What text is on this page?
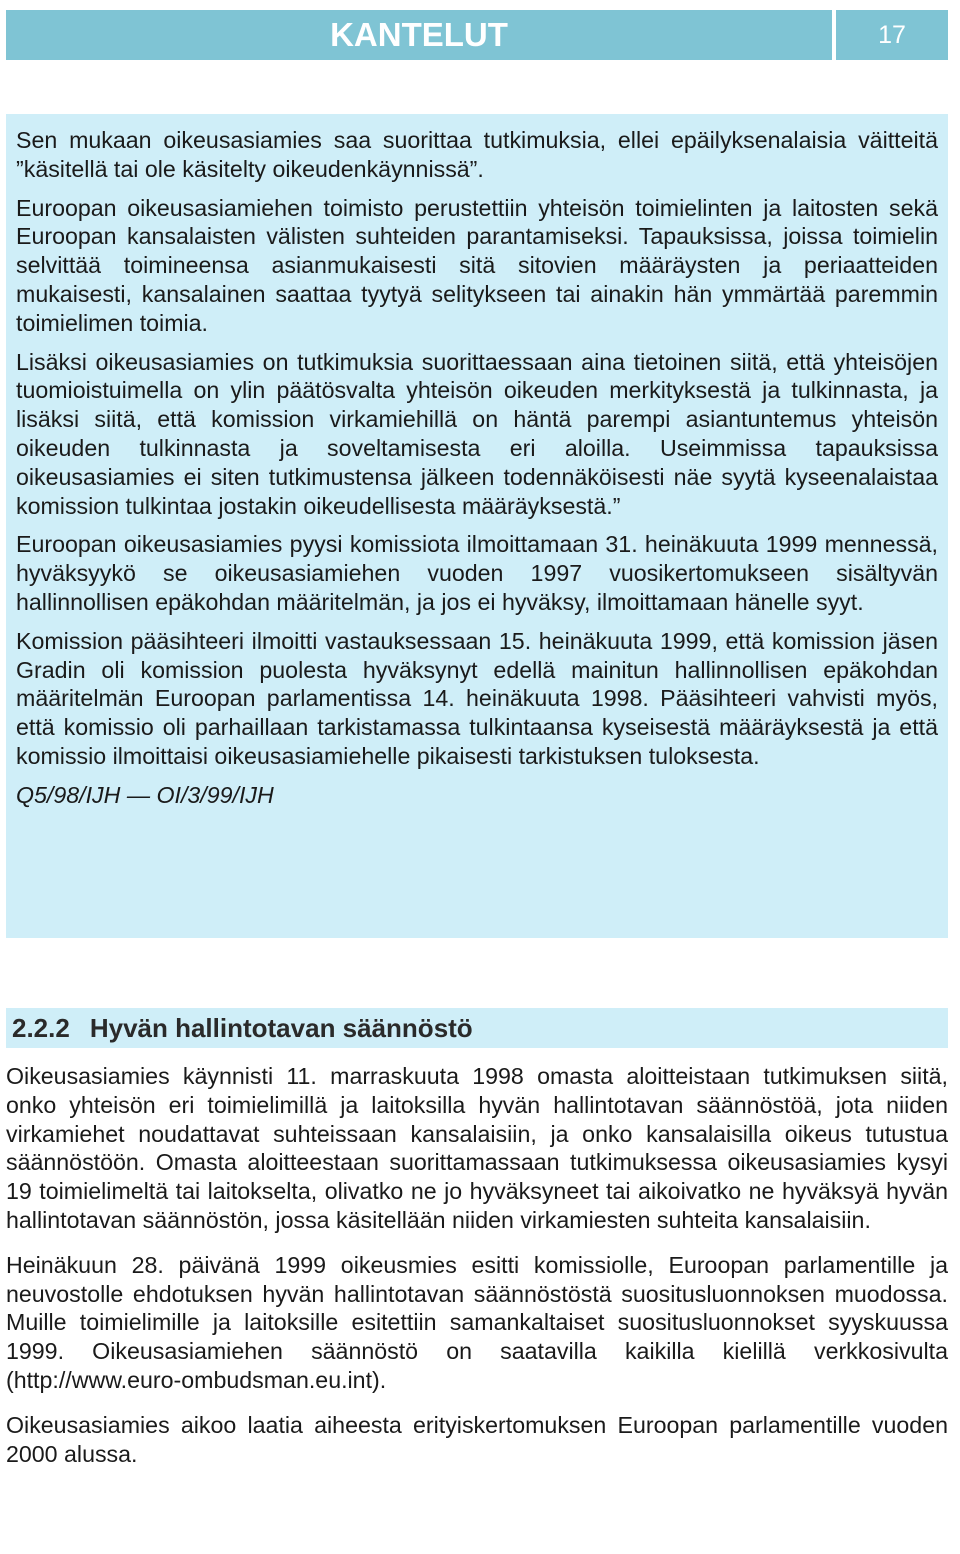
KANTELUT	17

Sen mukaan oikeusasiamies saa suorittaa tutkimuksia, ellei epäilyksenalaisia väitteitä ”käsitellä tai ole käsitelty oikeudenkäynnissä”.

Euroopan oikeusasiamiehen toimisto perustettiin yhteisön toimielinten ja laitosten sekä Euroopan kansalaisten välisten suhteiden parantamiseksi. Tapauksissa, joissa toimielin selvittää toimineensa asianmukaisesti sitä sitovien määräysten ja periaatteiden mukaisesti, kansalainen saattaa tyytyä selitykseen tai ainakin hän ymmärtää paremmin toimielimen toimia.

Lisäksi oikeusasiamies on tutkimuksia suorittaessaan aina tietoinen siitä, että yhteisöjen tuomioistuimella on ylin päätösvalta yhteisön oikeuden merkityksestä ja tulkinnasta, ja lisäksi siitä, että komission virkamiehillä on häntä parempi asiantuntemus yhteisön oikeuden tulkinnasta ja soveltamisesta eri aloilla. Useimmissa tapauksissa oikeusasiamies ei siten tutkimustensa jälkeen todennäköisesti näe syytä kyseenalaistaa komission tulkintaa jostakin oikeudellisesta määräyksestä.”

Euroopan oikeusasiamies pyysi komissiota ilmoittamaan 31. heinäkuuta 1999 mennessä, hyväksyykö se oikeusasiamiehen vuoden 1997 vuosikertomukseen sisältyvän hallinnollisen epäkohdan määritelmän, ja jos ei hyväksy, ilmoittamaan hänelle syyt.

Komission pääsihteeri ilmoitti vastauksessaan 15. heinäkuuta 1999, että komission jäsen Gradin oli komission puolesta hyväksynyt edellä mainitun hallinnollisen epäkohdan määritelmän Euroopan parlamentissa 14. heinäkuuta 1998. Pääsihteeri vahvisti myös, että komissio oli parhaillaan tarkistamassa tulkintaansa kyseisestä määräyksestä ja että komissio ilmoittaisi oikeusasiamiehelle pikaisesti tarkistuksen tuloksesta.

Q5/98/IJH — OI/3/99/IJH
2.2.2 Hyvän hallintotavan säännöstö

Oikeusasiamies käynnisti 11. marraskuuta 1998 omasta aloitteistaan tutkimuksen siitä, onko yhteisön eri toimielimillä ja laitoksilla hyvän hallintotavan säännöstöä, jota niiden virkamiehet noudattavat suhteissaan kansalaisiin, ja onko kansalaisilla oikeus tutustua säännöstöön. Omasta aloitteestaan suorittamassaan tutkimuksessa oikeusasiamies kysyi 19 toimielimeltä tai laitokselta, olivatko ne jo hyväksyneet tai aikoivatko ne hyväksyä hyvän hallintotavan säännöstön, jossa käsitellään niiden virkamiesten suhteita kansalaisiin.

Heinäkuun 28. päivänä 1999 oikeusmies esitti komissiolle, Euroopan parlamentille ja neuvostolle ehdotuksen hyvän hallintotavan säännöstöstä suositusluonnoksen muodossa. Muille toimielimille ja laitoksille esitettiin samankaltaiset suositusluonnokset syyskuussa 1999. Oikeusasiamiehen säännöstö on saatavilla kaikilla kielillä verkkosivulta (http://www.euro-ombudsman.eu.int).

Oikeusasiamies aikoo laatia aiheesta erityiskertomuksen Euroopan parlamentille vuoden 2000 alussa.
